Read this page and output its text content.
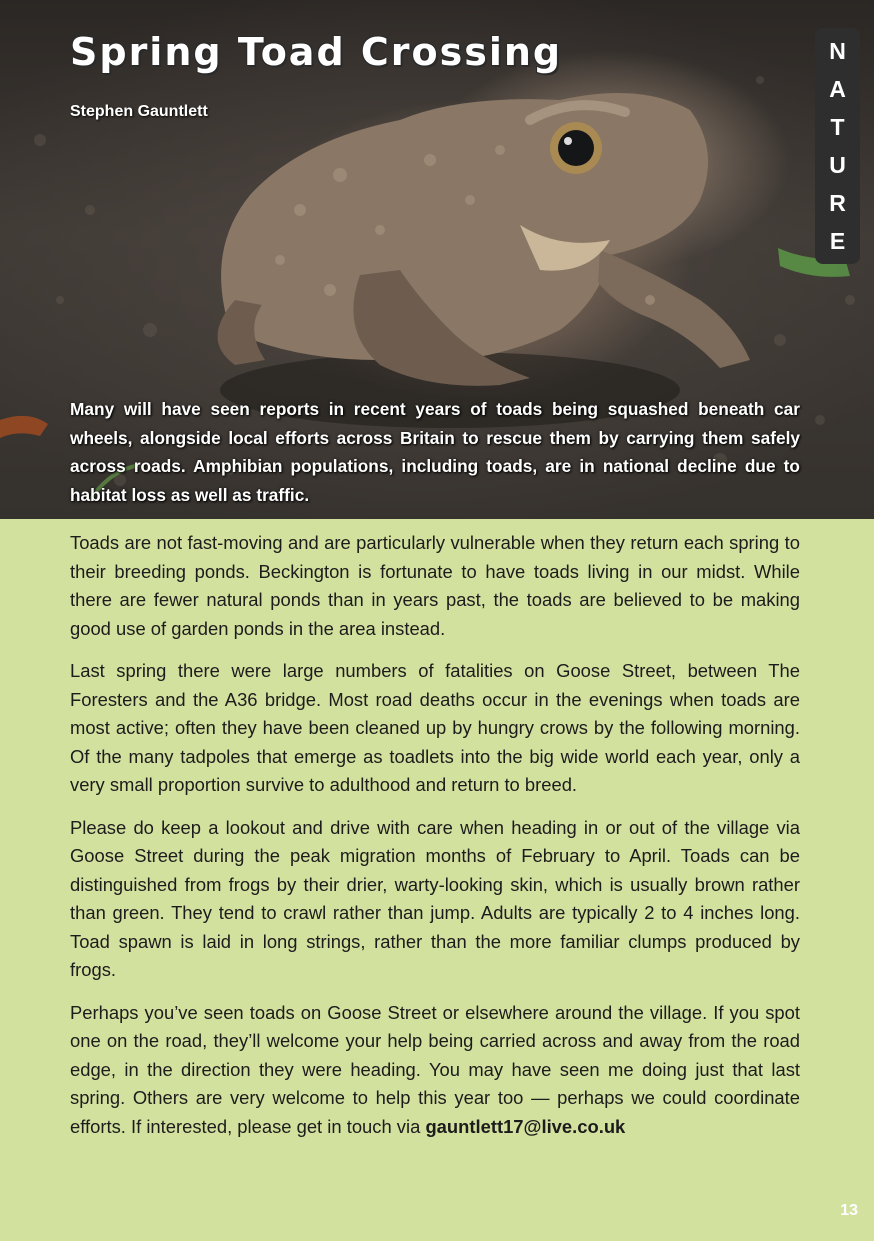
Spring Toad Crossing
Stephen Gauntlett
N
A
T
U
R
E

Many will have seen reports in recent years of toads being squashed beneath car wheels, alongside local efforts across Britain to rescue them by carrying them safely across roads. Amphibian populations, including toads, are in national decline due to habitat loss as well as traffic.

Toads are not fast-moving and are particularly vulnerable when they return each spring to their breeding ponds. Beckington is fortunate to have toads living in our midst. While there are fewer natural ponds than in years past, the toads are believed to be making good use of garden ponds in the area instead.

Last spring there were large numbers of fatalities on Goose Street, between The Foresters and the A36 bridge. Most road deaths occur in the evenings when toads are most active; often they have been cleaned up by hungry crows by the following morning. Of the many tadpoles that emerge as toadlets into the big wide world each year, only a very small proportion survive to adulthood and return to breed.

Please do keep a lookout and drive with care when heading in or out of the village via Goose Street during the peak migration months of February to April. Toads can be distinguished from frogs by their drier, warty-looking skin, which is usually brown rather than green. They tend to crawl rather than jump. Adults are typically 2 to 4 inches long. Toad spawn is laid in long strings, rather than the more familiar clumps produced by frogs.

Perhaps you’ve seen toads on Goose Street or elsewhere around the village. If you spot one on the road, they’ll welcome your help being carried across and away from the road edge, in the direction they were heading. You may have seen me doing just that last spring. Others are very welcome to help this year too — perhaps we could coordinate efforts. If interested, please get in touch via gauntlett17@live.co.uk

13
